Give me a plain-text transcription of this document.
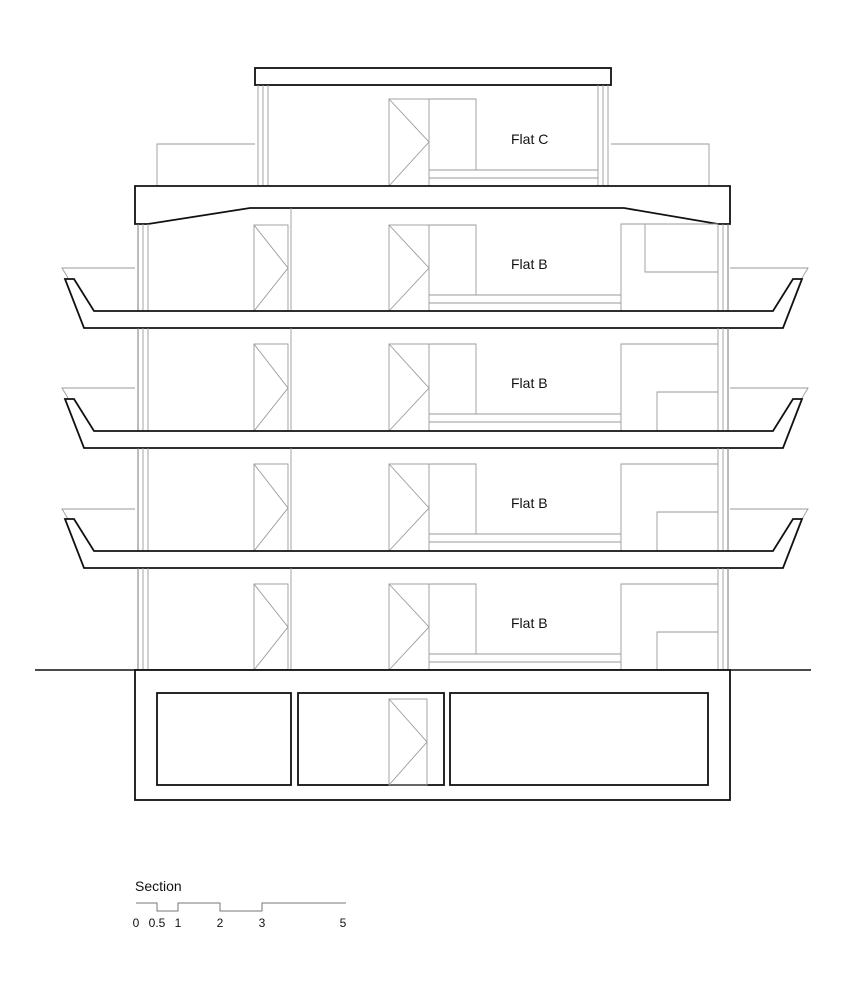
Flat C
Flat B
Flat B
Flat B
Flat B
Section
0 0.5 1	2	3	5
